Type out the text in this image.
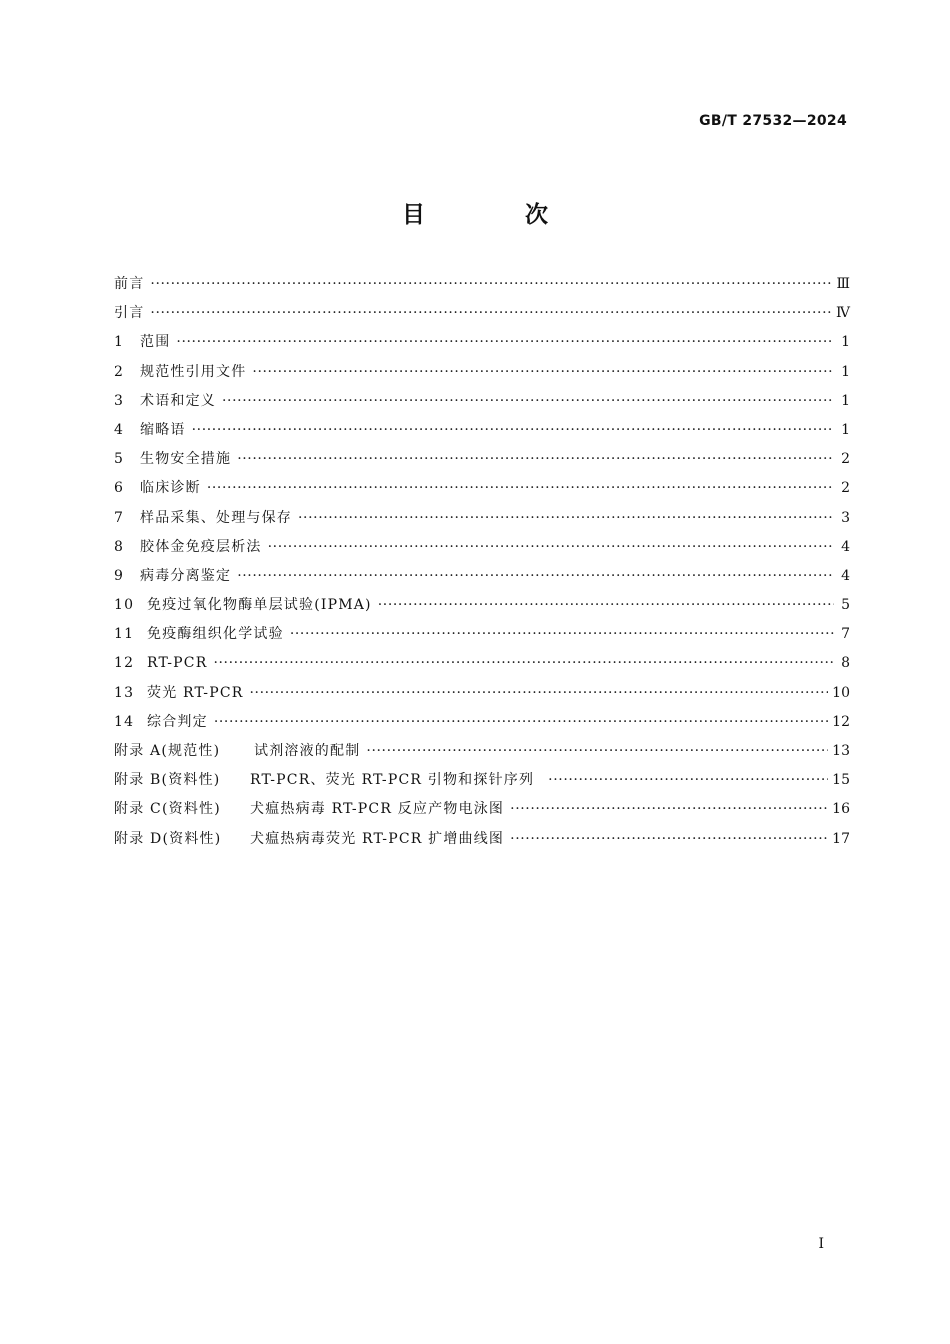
GB/T 27532—2024
目 次
前言 ·····	Ⅲ
引言 ·····	Ⅳ
1 范围 ·····	1
2 规范性引用文件 ·····	1
3 术语和定义 ·····	1
4 缩略语 ·····	1
5 生物安全措施 ·····	2
6 临床诊断 ·····	2
7 样品采集、处理与保存 ·····	3
8 胶体金免疫层析法 ·····	4
9 病毒分离鉴定 ·····	4
10 免疫过氧化物酶单层试验(IPMA) ·····	5
11 免疫酶组织化学试验 ·····	7
12 RT-PCR ·····	8
13 荧光 RT-PCR ·····	10
14 综合判定 ·····	12
附录 A(规范性) 试剂溶液的配制 ·····	13
附录 B(资料性) RT-PCR、荧光 RT-PCR 引物和探针序列 ·····	15
附录 C(资料性) 犬瘟热病毒 RT-PCR 反应产物电泳图 ·····	16
附录 D(资料性) 犬瘟热病毒荧光 RT-PCR 扩增曲线图 ·····	17
I
